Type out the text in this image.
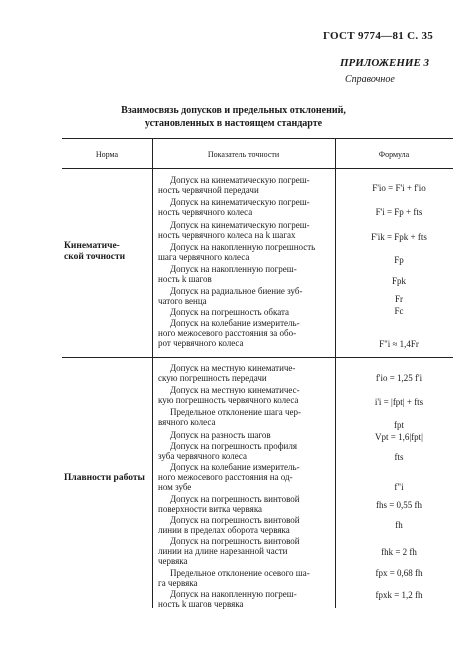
ГОСТ 9774—81 С. 35
ПРИЛОЖЕНИЕ 3
Справочное
Взаимосвязь допусков и предельных отклонений,
установленных в настоящем стандарте
Норма	Показатель точности	Формула
Кинематиче-
ской точности
Допуск на кинематическую погреш-
ность червячной передачи
Допуск на кинематическую погреш-
ность червячного колеса
Допуск на кинематическую погреш-
ность червячного колеса на k шагах
Допуск на накопленную погрешность
шага червячного колеса
Допуск на накопленную погреш-
ность k шагов
Допуск на радиальное биение зуб-
чатого венца
Допуск на погрешность обката
Допуск на колебание измеритель-
ного межосевого расстояния за обо-
рот червячного колеса
F'io = F'i + f'io
F'i = Fp + fts
F'ik = Fpk + fts
Fp
Fpk
Fr
Fc
F"i ≈ 1,4Fr
Плавности работы
Допуск на местную кинематиче-
скую погрешность передачи
Допуск на местную кинематичес-
кую погрешность червячного колеса
Предельное отклонение шага чер-
вячного колеса
Допуск на разность шагов
Допуск на погрешность профиля
зуба червячного колеса
Допуск на колебание измеритель-
ного межосевого расстояния на од-
ном зубе
Допуск на погрешность винтовой
поверхности витка червяка
Допуск на погрешность винтовой
линии в пределах оборота червяка
Допуск на погрешность винтовой
линии на длине нарезанной части
червяка
Предельное отклонение осевого ша-
га червяка
Допуск на накопленную погреш-
ность k шагов червяка
f'io = 1,25 f'i
i'i = |fpt| + fts
fpt
Vpt = 1,6|fpt|
fts
f"i
fhs = 0,55 fh
fh
fhk = 2 fh
fpx = 0,68 fh
fpxk = 1,2 fh
